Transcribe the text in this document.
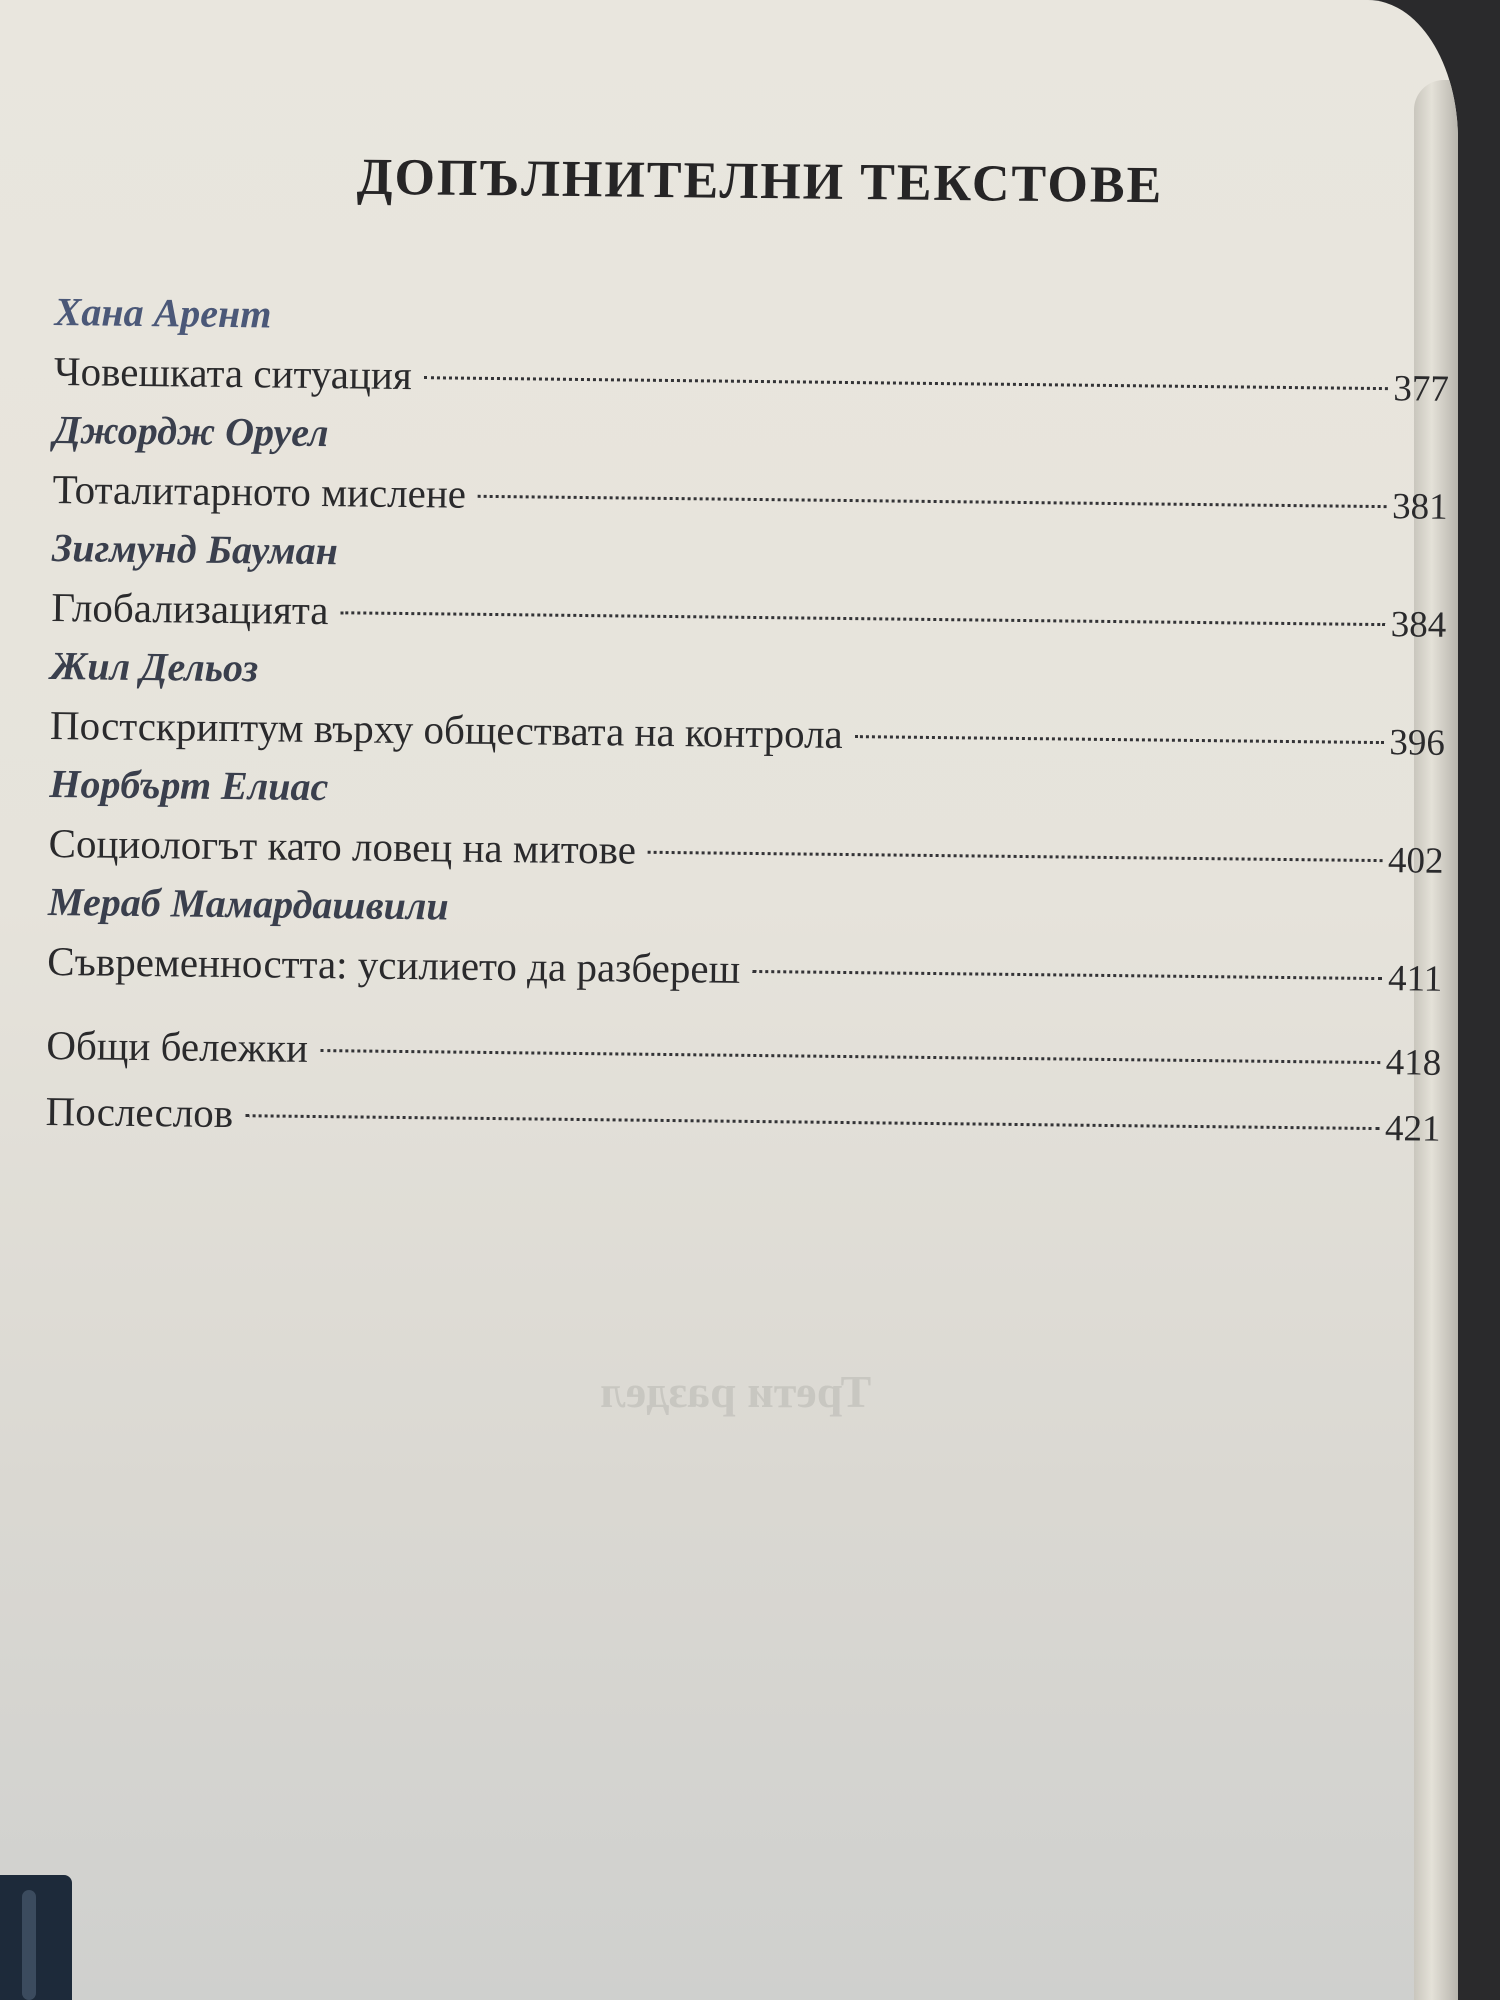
Трети раздел
ДОПЪЛНИТЕЛНИ ТЕКСТОВЕ
Хана Арент
Човешката ситуация	377
Джордж Оруел
Тоталитарното мислене	381
Зигмунд Бауман
Глобализацията	384
Жил Дельоз
Постскриптум върху обществата на контрола	396
Норбърт Елиас
Социологът като ловец на митове	402
Мераб Мамардашвили
Съвременността: усилието да разбереш	411
Общи бележки	418
Послеслов	421
